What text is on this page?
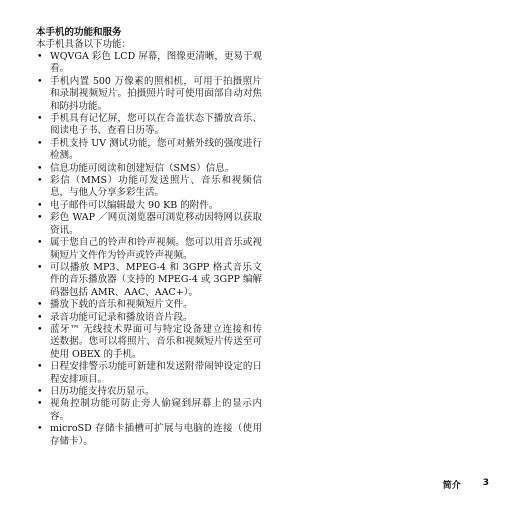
本手机的功能和服务

本手机具备以下功能：

• WQVGA 彩色 LCD 屏幕，图像更清晰，更易于观看。
• 手机内置 500 万像素的照相机，可用于拍摄照片和录制视频短片。拍摄照片时可使用面部自动对焦和防抖功能。
• 手机具有记忆屏，您可以在合盖状态下播放音乐、阅读电子书、查看日历等。
• 手机支持 UV 测试功能，您可对紫外线的强度进行检测。
• 信息功能可阅读和创建短信（SMS）信息。
• 彩信（MMS）功能可发送照片、音乐和视频信息，与他人分享多彩生活。
• 电子邮件可以编辑最大 90 KB 的附件。
• 彩色 WAP ／网页浏览器可浏览移动因特网以获取资讯。
• 属于您自己的铃声和铃声视频。您可以用音乐或视频短片文件作为铃声或铃声视频。
• 可以播放 MP3、MPEG-4 和 3GPP 格式音乐文件的音乐播放器（支持的 MPEG-4 或 3GPP 编解码器包括 AMR、AAC、AAC+）。
• 播放下载的音乐和视频短片文件。
• 录音功能可记录和播放语音片段。
• 蓝牙™ 无线技术界面可与特定设备建立连接和传送数据。您可以将照片、音乐和视频短片传送至可使用 OBEX 的手机。
• 日程安排警示功能可新建和发送附带闹钟设定的日程安排项目。
• 日历功能支持农历显示。
• 视角控制功能可防止旁人偷窥到屏幕上的显示内容。
• microSD 存储卡插槽可扩展与电脑的连接（使用存储卡）。
简介 3
